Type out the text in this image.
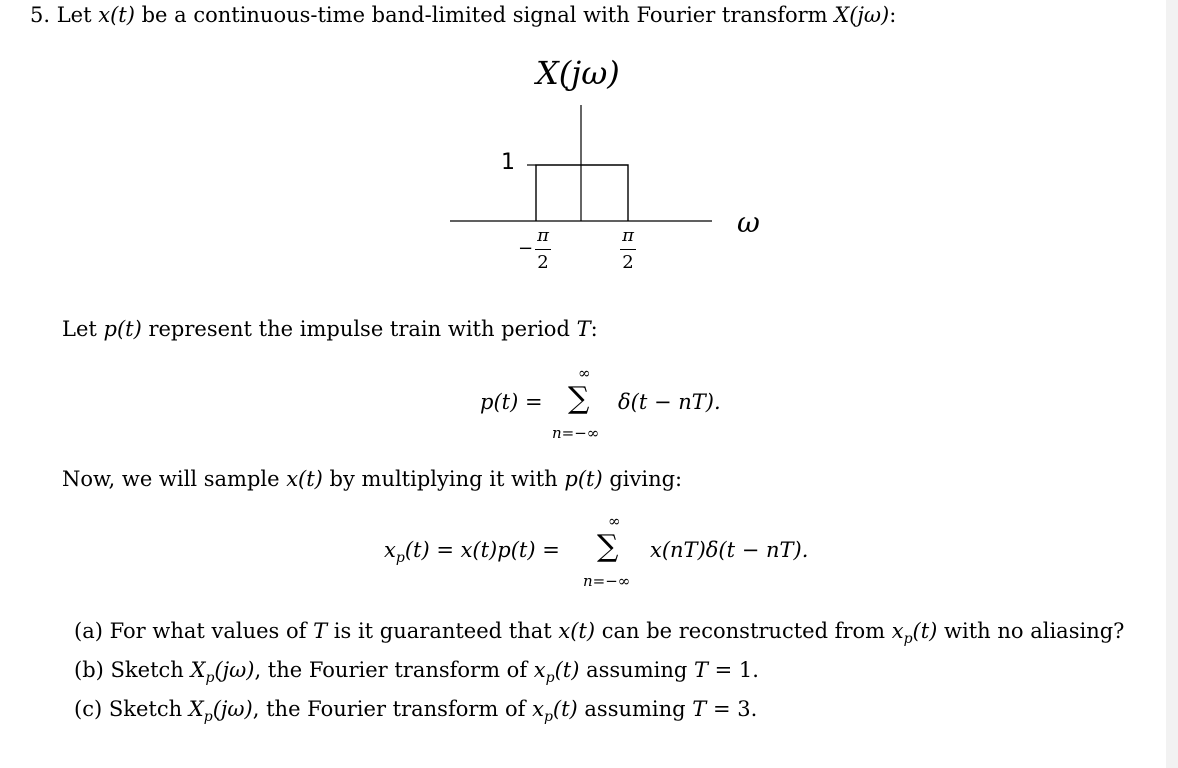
5. Let x(t) be a continuous-time band-limited signal with Fourier transform X(jω):
X(jω)
1
ω
−
π
2
π
2
Let p(t) represent the impulse train with period T:
p(t) =
∞
∑
n=−∞
δ(t − nT).
Now, we will sample x(t) by multiplying it with p(t) giving:
$x_p(t) = x(t)p(t)$ =
∞
∑
n=−∞
x(nT)δ(t − nT).
(a) For what values of T is it guaranteed that x(t) can be reconstructed from $x_p(t)$ with no aliasing?
(b) Sketch $X_p(j\omega)$, the Fourier transform of $x_p(t)$ assuming T = 1.
(c) Sketch $X_p(j\omega)$, the Fourier transform of $x_p(t)$ assuming T = 3.
